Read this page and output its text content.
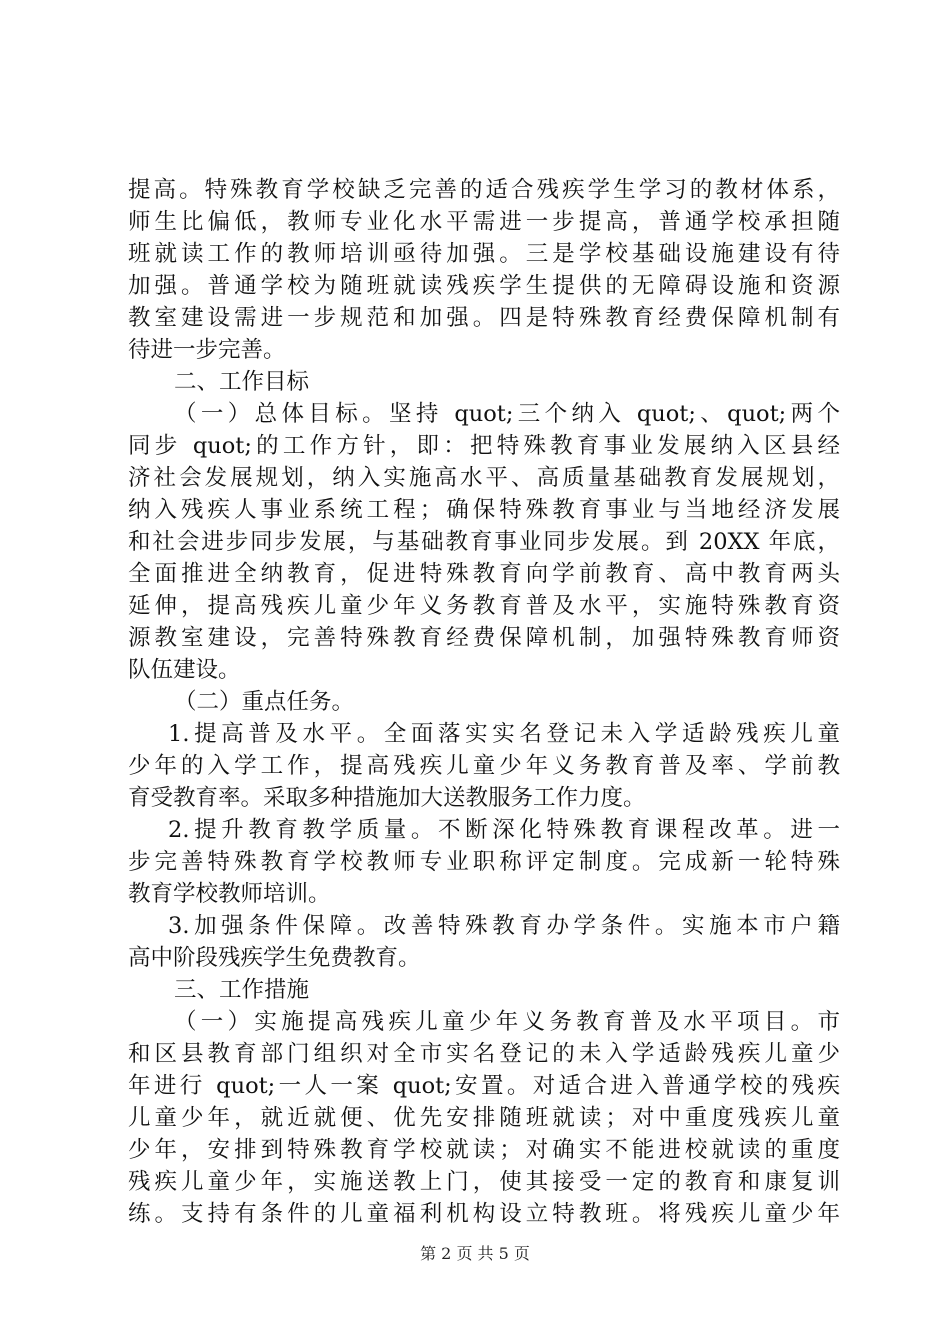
提高。特殊教育学校缺乏完善的适合残疾学生学习的教材体系，
师生比偏低，教师专业化水平需进一步提高，普通学校承担随
班就读工作的教师培训亟待加强。三是学校基础设施建设有待
加强。普通学校为随班就读残疾学生提供的无障碍设施和资源
教室建设需进一步规范和加强。四是特殊教育经费保障机制有
待进一步完善。
二、工作目标
（一）总体目标。坚持 quot;三个纳入 quot;、quot;两个
同步 quot;的工作方针，即：把特殊教育事业发展纳入区县经
济社会发展规划，纳入实施高水平、高质量基础教育发展规划，
纳入残疾人事业系统工程；确保特殊教育事业与当地经济发展
和社会进步同步发展，与基础教育事业同步发展。到 20XX 年底，
全面推进全纳教育，促进特殊教育向学前教育、高中教育两头
延伸，提高残疾儿童少年义务教育普及水平，实施特殊教育资
源教室建设，完善特殊教育经费保障机制，加强特殊教育师资
队伍建设。
（二）重点任务。
1.提高普及水平。全面落实实名登记未入学适龄残疾儿童
少年的入学工作，提高残疾儿童少年义务教育普及率、学前教
育受教育率。采取多种措施加大送教服务工作力度。
2.提升教育教学质量。不断深化特殊教育课程改革。进一
步完善特殊教育学校教师专业职称评定制度。完成新一轮特殊
教育学校教师培训。
3.加强条件保障。改善特殊教育办学条件。实施本市户籍
高中阶段残疾学生免费教育。
三、工作措施
（一）实施提高残疾儿童少年义务教育普及水平项目。市
和区县教育部门组织对全市实名登记的未入学适龄残疾儿童少
年进行 quot;一人一案 quot;安置。对适合进入普通学校的残疾
儿童少年，就近就便、优先安排随班就读；对中重度残疾儿童
少年，安排到特殊教育学校就读；对确实不能进校就读的重度
残疾儿童少年，实施送教上门，使其接受一定的教育和康复训
练。支持有条件的儿童福利机构设立特教班。将残疾儿童少年
第 2 页 共 5 页
